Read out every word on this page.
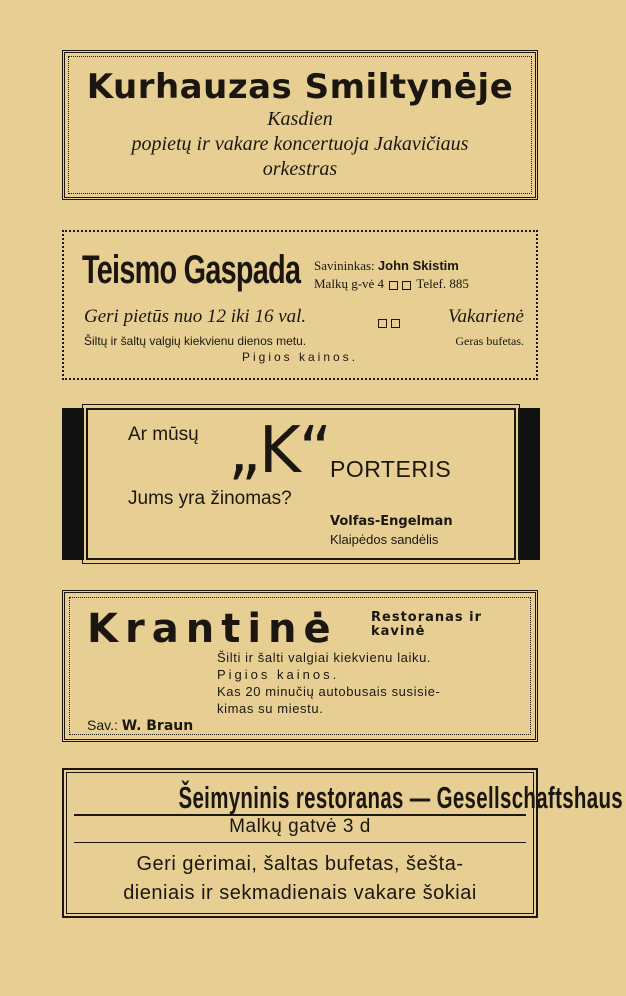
Kurhauzas Smiltynėje
Kasdien
popietų ir vakare koncertuoja Jakavičiaus
orkestras
Teismo Gaspada Savininkas: John Skistim
Malkų g-vė 4 Telef. 885
Geri pietūs nuo 12 iki 16 val.	Vakarienė
Šiltų ir šaltų valgių kiekvienu dienos metu.	Geras bufetas.
Pigios kainos.
Ar mūsų „K“
PORTERIS
Jums yra žinomas?
Volfas-Engelman
Klaipėdos sandėlis
Krantinė	Restoranas ir
kavinė
Šilti ir šalti valgiai kiekvienu laiku.
Pigios kainos.
Kas 20 minučių autobusais susisie-
kimas su miestu.
Sav.: W. Braun
Šeimyninis restoranas — Gesellschaftshaus
Malkų gatvė 3 d
Geri gėrimai, šaltas bufetas, šešta-
dieniais ir sekmadienais vakare šokiai
